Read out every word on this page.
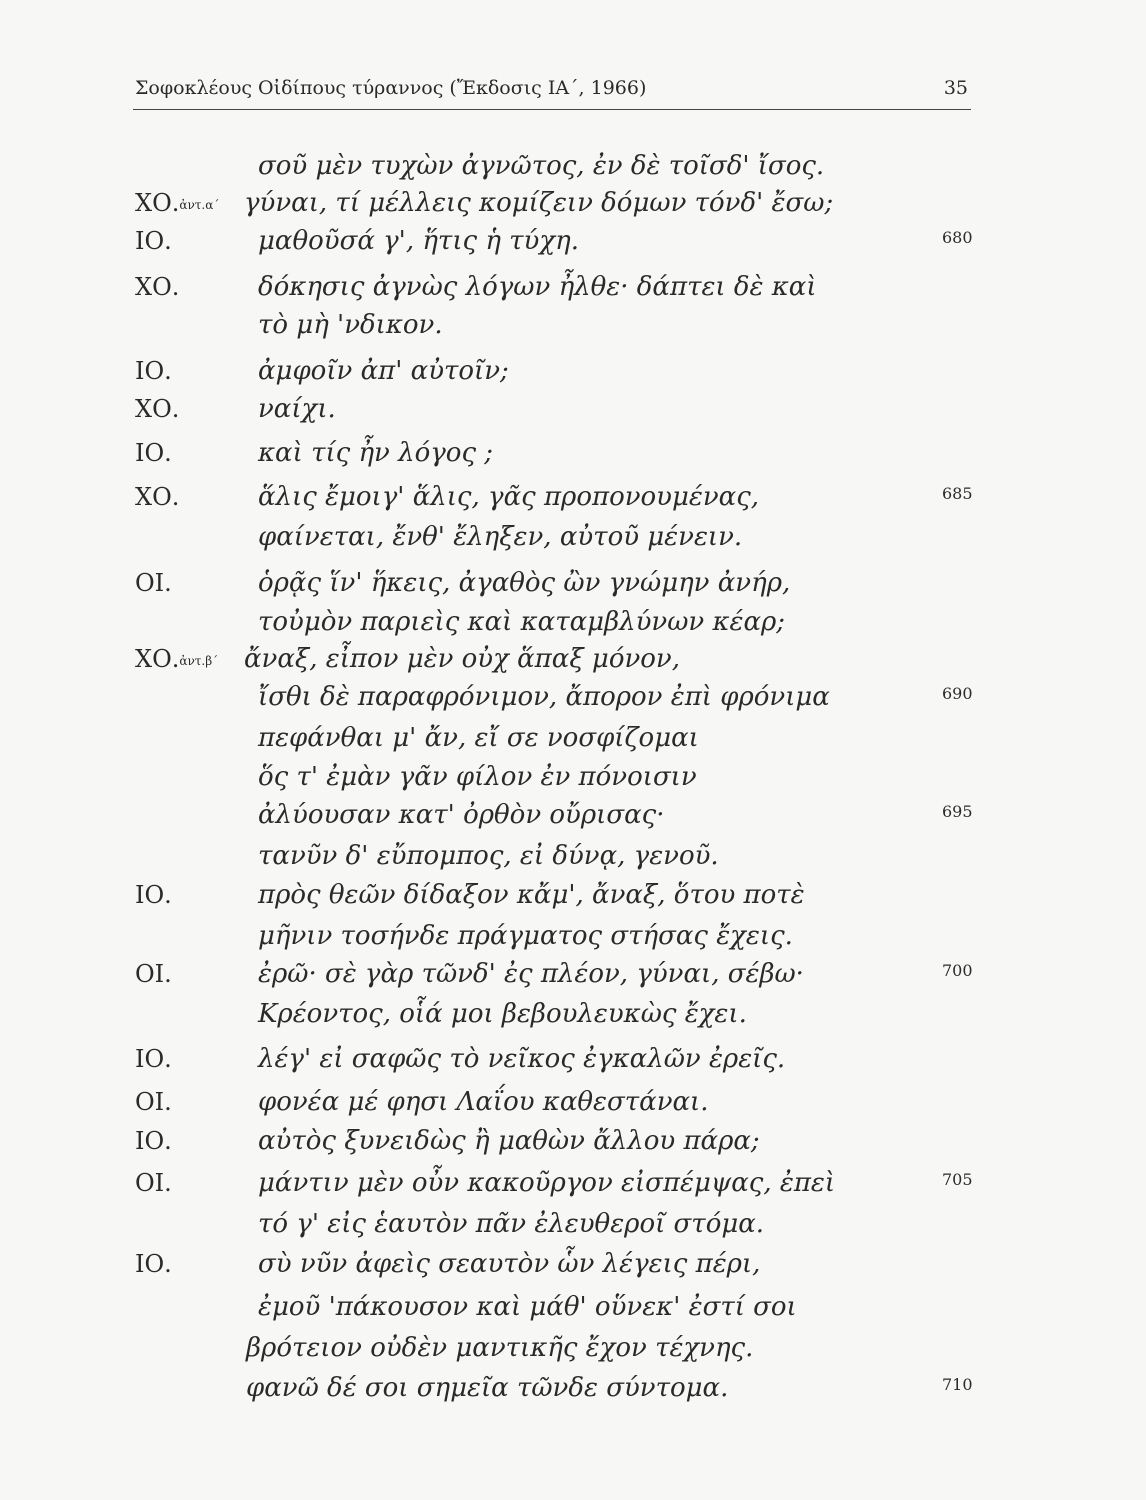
Σοφοκλέους Οἰδίπους τύραννος (Ἔκδοσις ΙΑ΄, 1966)	35
σοῦ μὲν τυχὼν ἀγνῶτος, ἐν δὲ τοῖσδ' ἴσος.
ΧΟ.ἀντ.α΄ γύναι, τί μέλλεις κομίζειν δόμων τόνδ' ἔσω;
ΙΟ.	μαθοῦσά γ', ἥτις ἡ τύχη.	680
ΧΟ.	δόκησις ἀγνὼς λόγων ἦλθε· δάπτει δὲ καὶ
τὸ μὴ 'νδικον.
ΙΟ.	ἀμφοῖν ἀπ' αὐτοῖν;
ΧΟ.	ναίχι.
ΙΟ.	καὶ τίς ἦν λόγος ;
ΧΟ.	ἅλις ἔμοιγ' ἅλις, γᾶς προπονουμένας,	685
φαίνεται, ἔνθ' ἔληξεν, αὐτοῦ μένειν.
ΟΙ.	ὁρᾷς ἵν' ἥκεις, ἀγαθὸς ὢν γνώμην ἀνήρ,
τοὐμὸν παριεὶς καὶ καταμβλύνων κέαρ;
ΧΟ.ἀντ.β΄ ἄναξ, εἶπον μὲν οὐχ ἅπαξ μόνον,
ἴσθι δὲ παραφρόνιμον, ἄπορον ἐπὶ φρόνιμα	690
πεφάνθαι μ' ἄν, εἴ σε νοσφίζομαι
ὅς τ' ἐμὰν γᾶν φίλον ἐν πόνοισιν
ἀλύουσαν κατ' ὀρθὸν οὔρισας·	695
τανῦν δ' εὔπομπος, εἰ δύνᾳ, γενοῦ.
ΙΟ.	πρὸς θεῶν δίδαξον κἄμ', ἄναξ, ὅτου ποτὲ
μῆνιν τοσήνδε πράγματος στήσας ἔχεις.
ΟΙ.	ἐρῶ· σὲ γὰρ τῶνδ' ἐς πλέον, γύναι, σέβω·	700
Κρέοντος, οἷά μοι βεβουλευκὼς ἔχει.
ΙΟ.	λέγ' εἰ σαφῶς τὸ νεῖκος ἐγκαλῶν ἐρεῖς.
ΟΙ.	φονέα μέ φησι Λαΐου καθεστάναι.
ΙΟ.	αὐτὸς ξυνειδὼς ἢ μαθὼν ἄλλου πάρα;
ΟΙ.	μάντιν μὲν οὖν κακοῦργον εἰσπέμψας, ἐπεὶ	705
τό γ' εἰς ἑαυτὸν πᾶν ἐλευθεροῖ στόμα.
ΙΟ.	σὺ νῦν ἀφεὶς σεαυτὸν ὧν λέγεις πέρι,
ἐμοῦ 'πάκουσον καὶ μάθ' οὕνεκ' ἐστί σοι
βρότειον οὐδὲν μαντικῆς ἔχον τέχνης.
φανῶ δέ σοι σημεῖα τῶνδε σύντομα.	710
